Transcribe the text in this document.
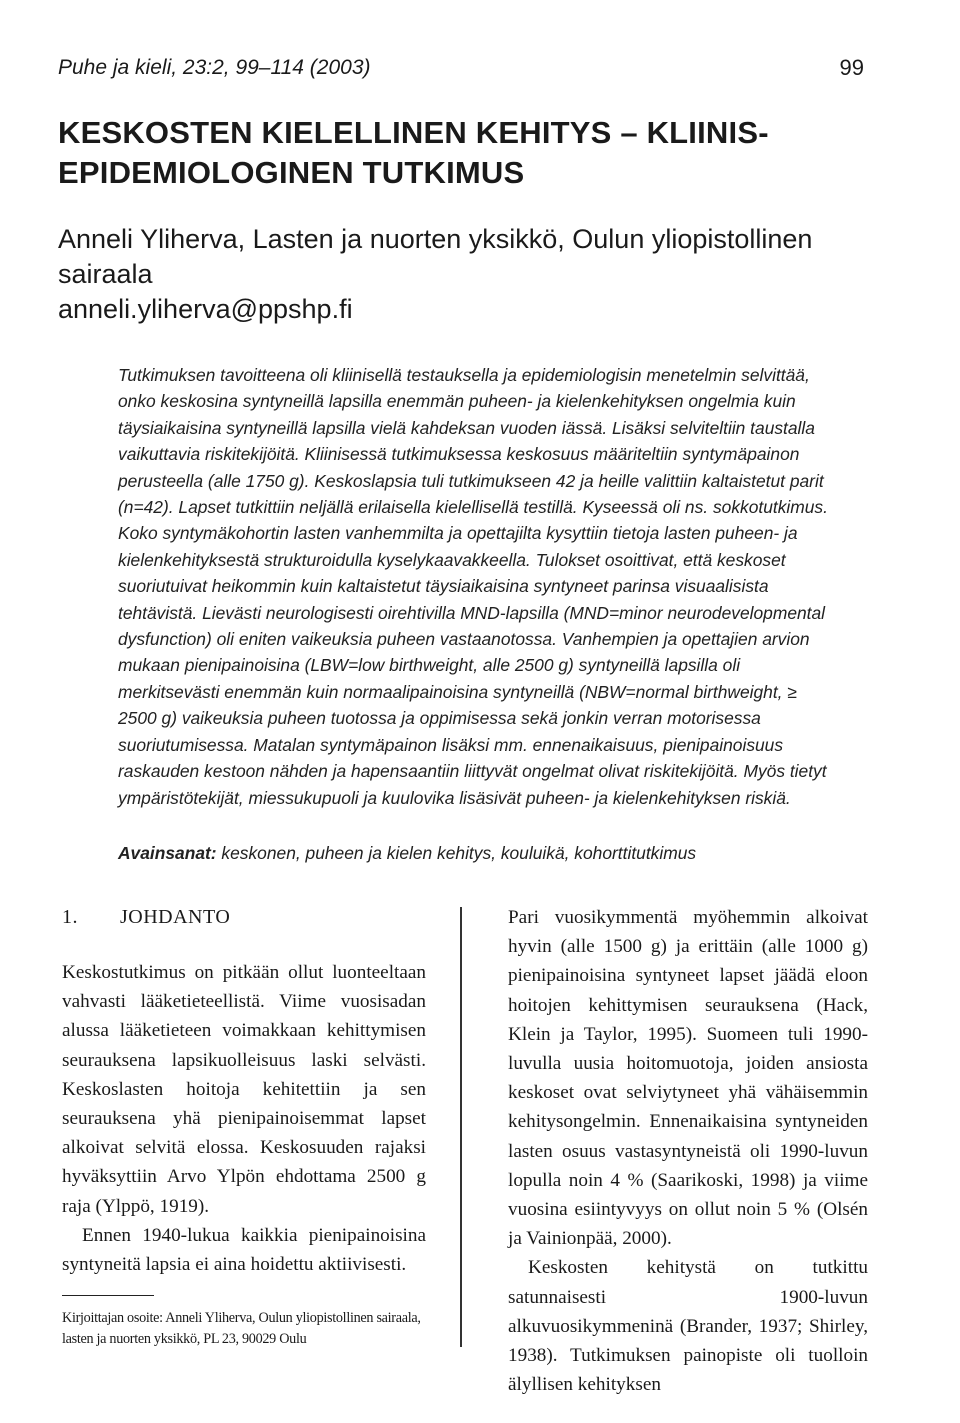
Puhe ja kieli, 23:2, 99–114 (2003)	99
KESKOSTEN KIELELLINEN KEHITYS – KLIINIS-EPIDEMIOLOGINEN TUTKIMUS
Anneli Yliherva, Lasten ja nuorten yksikkö, Oulun yliopistollinen sairaala
anneli.yliherva@ppshp.fi

Tutkimuksen tavoitteena oli kliinisellä testauksella ja epidemiologisin menetelmin selvittää, onko keskosina syntyneillä lapsilla enemmän puheen- ja kielenkehityksen ongelmia kuin täysiaikaisina syntyneillä lapsilla vielä kahdeksan vuoden iässä. Lisäksi selviteltiin taustalla vaikuttavia riskitekijöitä. Kliinisessä tutkimuksessa keskosuus määriteltiin syntymäpainon perusteella (alle 1750 g). Keskoslapsia tuli tutkimukseen 42 ja heille valittiin kaltaistetut parit (n=42). Lapset tutkittiin neljällä erilaisella kielellisellä testillä. Kyseessä oli ns. sokkotutkimus. Koko syntymäkohortin lasten vanhemmilta ja opettajilta kysyttiin tietoja lasten puheen- ja kielenkehityksestä strukturoidulla kyselykaavakkeella. Tulokset osoittivat, että keskoset suoriutuivat heikommin kuin kaltaistetut täysiaikaisina syntyneet parinsa visuaalisista tehtävistä. Lievästi neurologisesti oirehtivilla MND-lapsilla (MND=minor neurodevelopmental dysfunction) oli eniten vaikeuksia puheen vastaanotossa. Vanhempien ja opettajien arvion mukaan pienipainoisina (LBW=low birthweight, alle 2500 g) syntyneillä lapsilla oli merkitsevästi enemmän kuin normaalipainoisina syntyneillä (NBW=normal birthweight, ≥ 2500 g) vaikeuksia puheen tuotossa ja oppimisessa sekä jonkin verran motorisessa suoriutumisessa. Matalan syntymäpainon lisäksi mm. ennenaikaisuus, pienipainoisuus raskauden kestoon nähden ja hapensaantiin liittyvät ongelmat olivat riskitekijöitä. Myös tietyt ympäristötekijät, miessukupuoli ja kuulovika lisäsivät puheen- ja kielenkehityksen riskiä.

Avainsanat: keskonen, puheen ja kielen kehitys, kouluikä, kohorttitutkimus

1. JOHDANTO

Keskostutkimus on pitkään ollut luonteeltaan vahvasti lääketieteellistä. Viime vuosisadan alussa lääketieteen voimakkaan kehittymisen seurauksena lapsikuolleisuus laski selvästi. Keskoslasten hoitoja kehitettiin ja sen seurauksena yhä pienipainoisemmat lapset alkoivat selvitä elossa. Keskosuuden rajaksi hyväksyttiin Arvo Ylpön ehdottama 2500 g raja (Ylppö, 1919).

Ennen 1940-lukua kaikkia pienipainoisina syntyneitä lapsia ei aina hoidettu aktiivisesti.

Pari vuosikymmentä myöhemmin alkoivat hyvin (alle 1500 g) ja erittäin (alle 1000 g) pienipainoisina syntyneet lapset jäädä eloon hoitojen kehittymisen seurauksena (Hack, Klein ja Taylor, 1995). Suomeen tuli 1990-luvulla uusia hoitomuotoja, joiden ansiosta keskoset ovat selviytyneet yhä vähäisemmin kehitysongelmin. Ennenaikaisina syntyneiden lasten osuus vastasyntyneistä oli 1990-luvun lopulla noin 4 % (Saarikoski, 1998) ja viime vuosina esiintyvyys on ollut noin 5 % (Olsén ja Vainionpää, 2000).

Keskosten kehitystä on tutkittu satunnaisesti 1900-luvun alkuvuosikymmeninä (Brander, 1937; Shirley, 1938). Tutkimuksen painopiste oli tuolloin älyllisen kehityksen

Kirjoittajan osoite: Anneli Yliherva, Oulun yliopistollinen sairaala, lasten ja nuorten yksikkö, PL 23, 90029 Oulu
